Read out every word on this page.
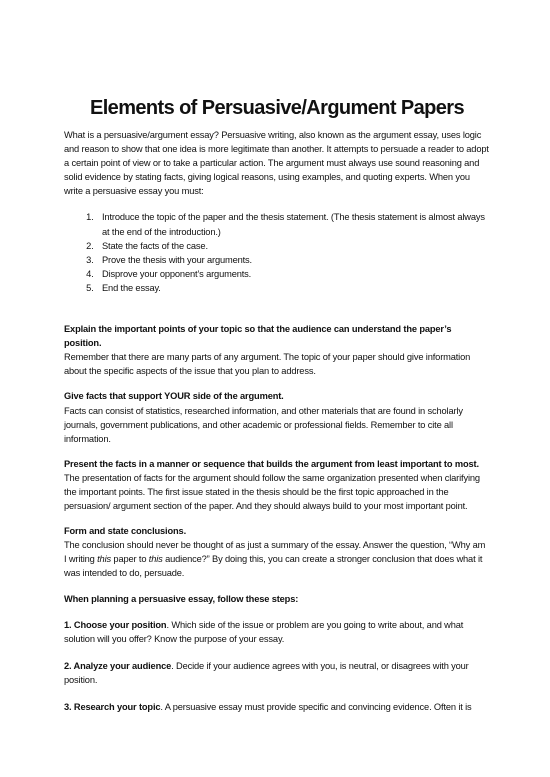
Elements of Persuasive/Argument Papers

What is a persuasive/argument essay? Persuasive writing, also known as the argument essay, uses logic and reason to show that one idea is more legitimate than another. It attempts to persuade a reader to adopt a certain point of view or to take a particular action. The argument must always use sound reasoning and solid evidence by stating facts, giving logical reasons, using examples, and quoting experts. When you write a persuasive essay you must:

1. Introduce the topic of the paper and the thesis statement. (The thesis statement is almost always at the end of the introduction.)
2. State the facts of the case.
3. Prove the thesis with your arguments.
4. Disprove your opponent’s arguments.
5. End the essay.

Explain the important points of your topic so that the audience can understand the paper’s position.

Remember that there are many parts of any argument. The topic of your paper should give information about the specific aspects of the issue that you plan to address.

Give facts that support YOUR side of the argument.

Facts can consist of statistics, researched information, and other materials that are found in scholarly journals, government publications, and other academic or professional fields. Remember to cite all information.

Present the facts in a manner or sequence that builds the argument from least important to most.

The presentation of facts for the argument should follow the same organization presented when clarifying the important points. The first issue stated in the thesis should be the first topic approached in the persuasion/ argument section of the paper. And they should always build to your most important point.

Form and state conclusions.

The conclusion should never be thought of as just a summary of the essay. Answer the question, “Why am I writing this paper to this audience?” By doing this, you can create a stronger conclusion that does what it was intended to do, persuade.

When planning a persuasive essay, follow these steps:

1. Choose your position. Which side of the issue or problem are you going to write about, and what solution will you offer? Know the purpose of your essay.

2. Analyze your audience. Decide if your audience agrees with you, is neutral, or disagrees with your position.

3. Research your topic. A persuasive essay must provide specific and convincing evidence. Often it is
